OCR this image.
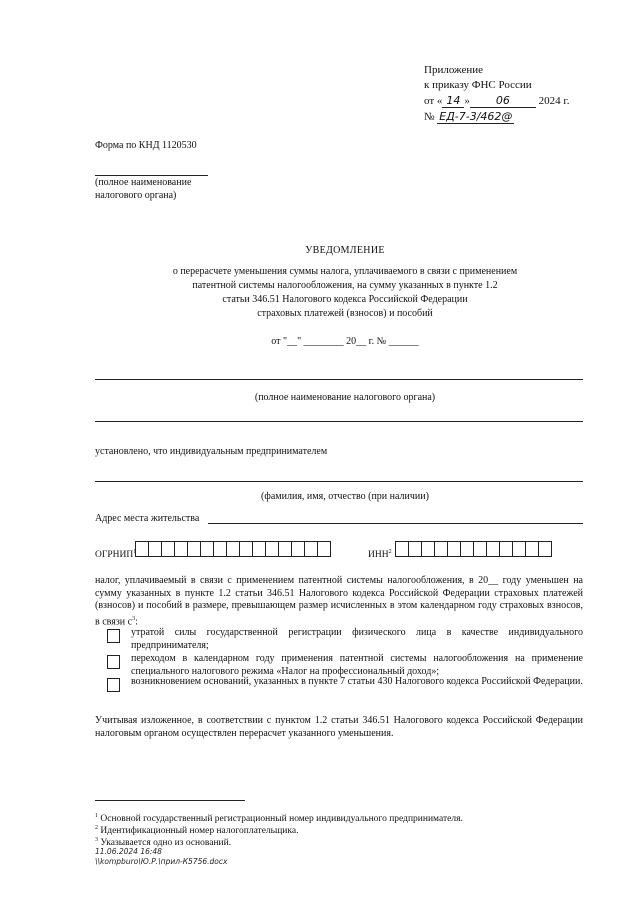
Приложение
к приказу ФНС России
от « 14 » 06	2024 г.
№ ЕД-7-3/462@
Форма по КНД 1120530
(полное наименование налогового органа)
УВЕДОМЛЕНИЕ
о перерасчете уменьшения суммы налога, уплачиваемого в связи с применением
патентной системы налогообложения, на сумму указанных в пункте 1.2
статьи 346.51 Налогового кодекса Российской Федерации
страховых платежей (взносов) и пособий
от "__" ________ 20__ г. № ______
(полное наименование налогового органа)
установлено, что индивидуальным предпринимателем
(фамилия, имя, отчество (при наличии)
Адрес места жительства
ОГРНИП$^1$	ИНН$^2$
налог, уплачиваемый в связи с применением патентной системы налогообложения, в 20__ году уменьшен на сумму указанных в пункте 1.2 статьи 346.51 Налогового кодекса Российской Федерации страховых платежей (взносов) и пособий в размере, превышающем размер исчисленных в этом календарном году страховых взносов, в связи $с^3$:
утратой силы государственной регистрации физического лица в качестве индивидуального предпринимателя;
переходом в календарном году применения патентной системы налогообложения на применение специального налогового режима «Налог на профессиональный доход»;
возникновением оснований, указанных в пункте 7 статьи 430 Налогового кодекса Российской Федерации.
Учитывая изложенное, в соответствии с пунктом 1.2 статьи 346.51 Налогового кодекса Российской Федерации налоговым органом осуществлен перерасчет указанного уменьшения.
$^1$ Основной государственный регистрационный номер индивидуального предпринимателя.
$^2$ Идентификационный номер налогоплательщика.
$^3$ Указывается одно из оснований.
11.06.2024 16:48
\\kompburo\Ю.Р.\прил-К5756.docx
